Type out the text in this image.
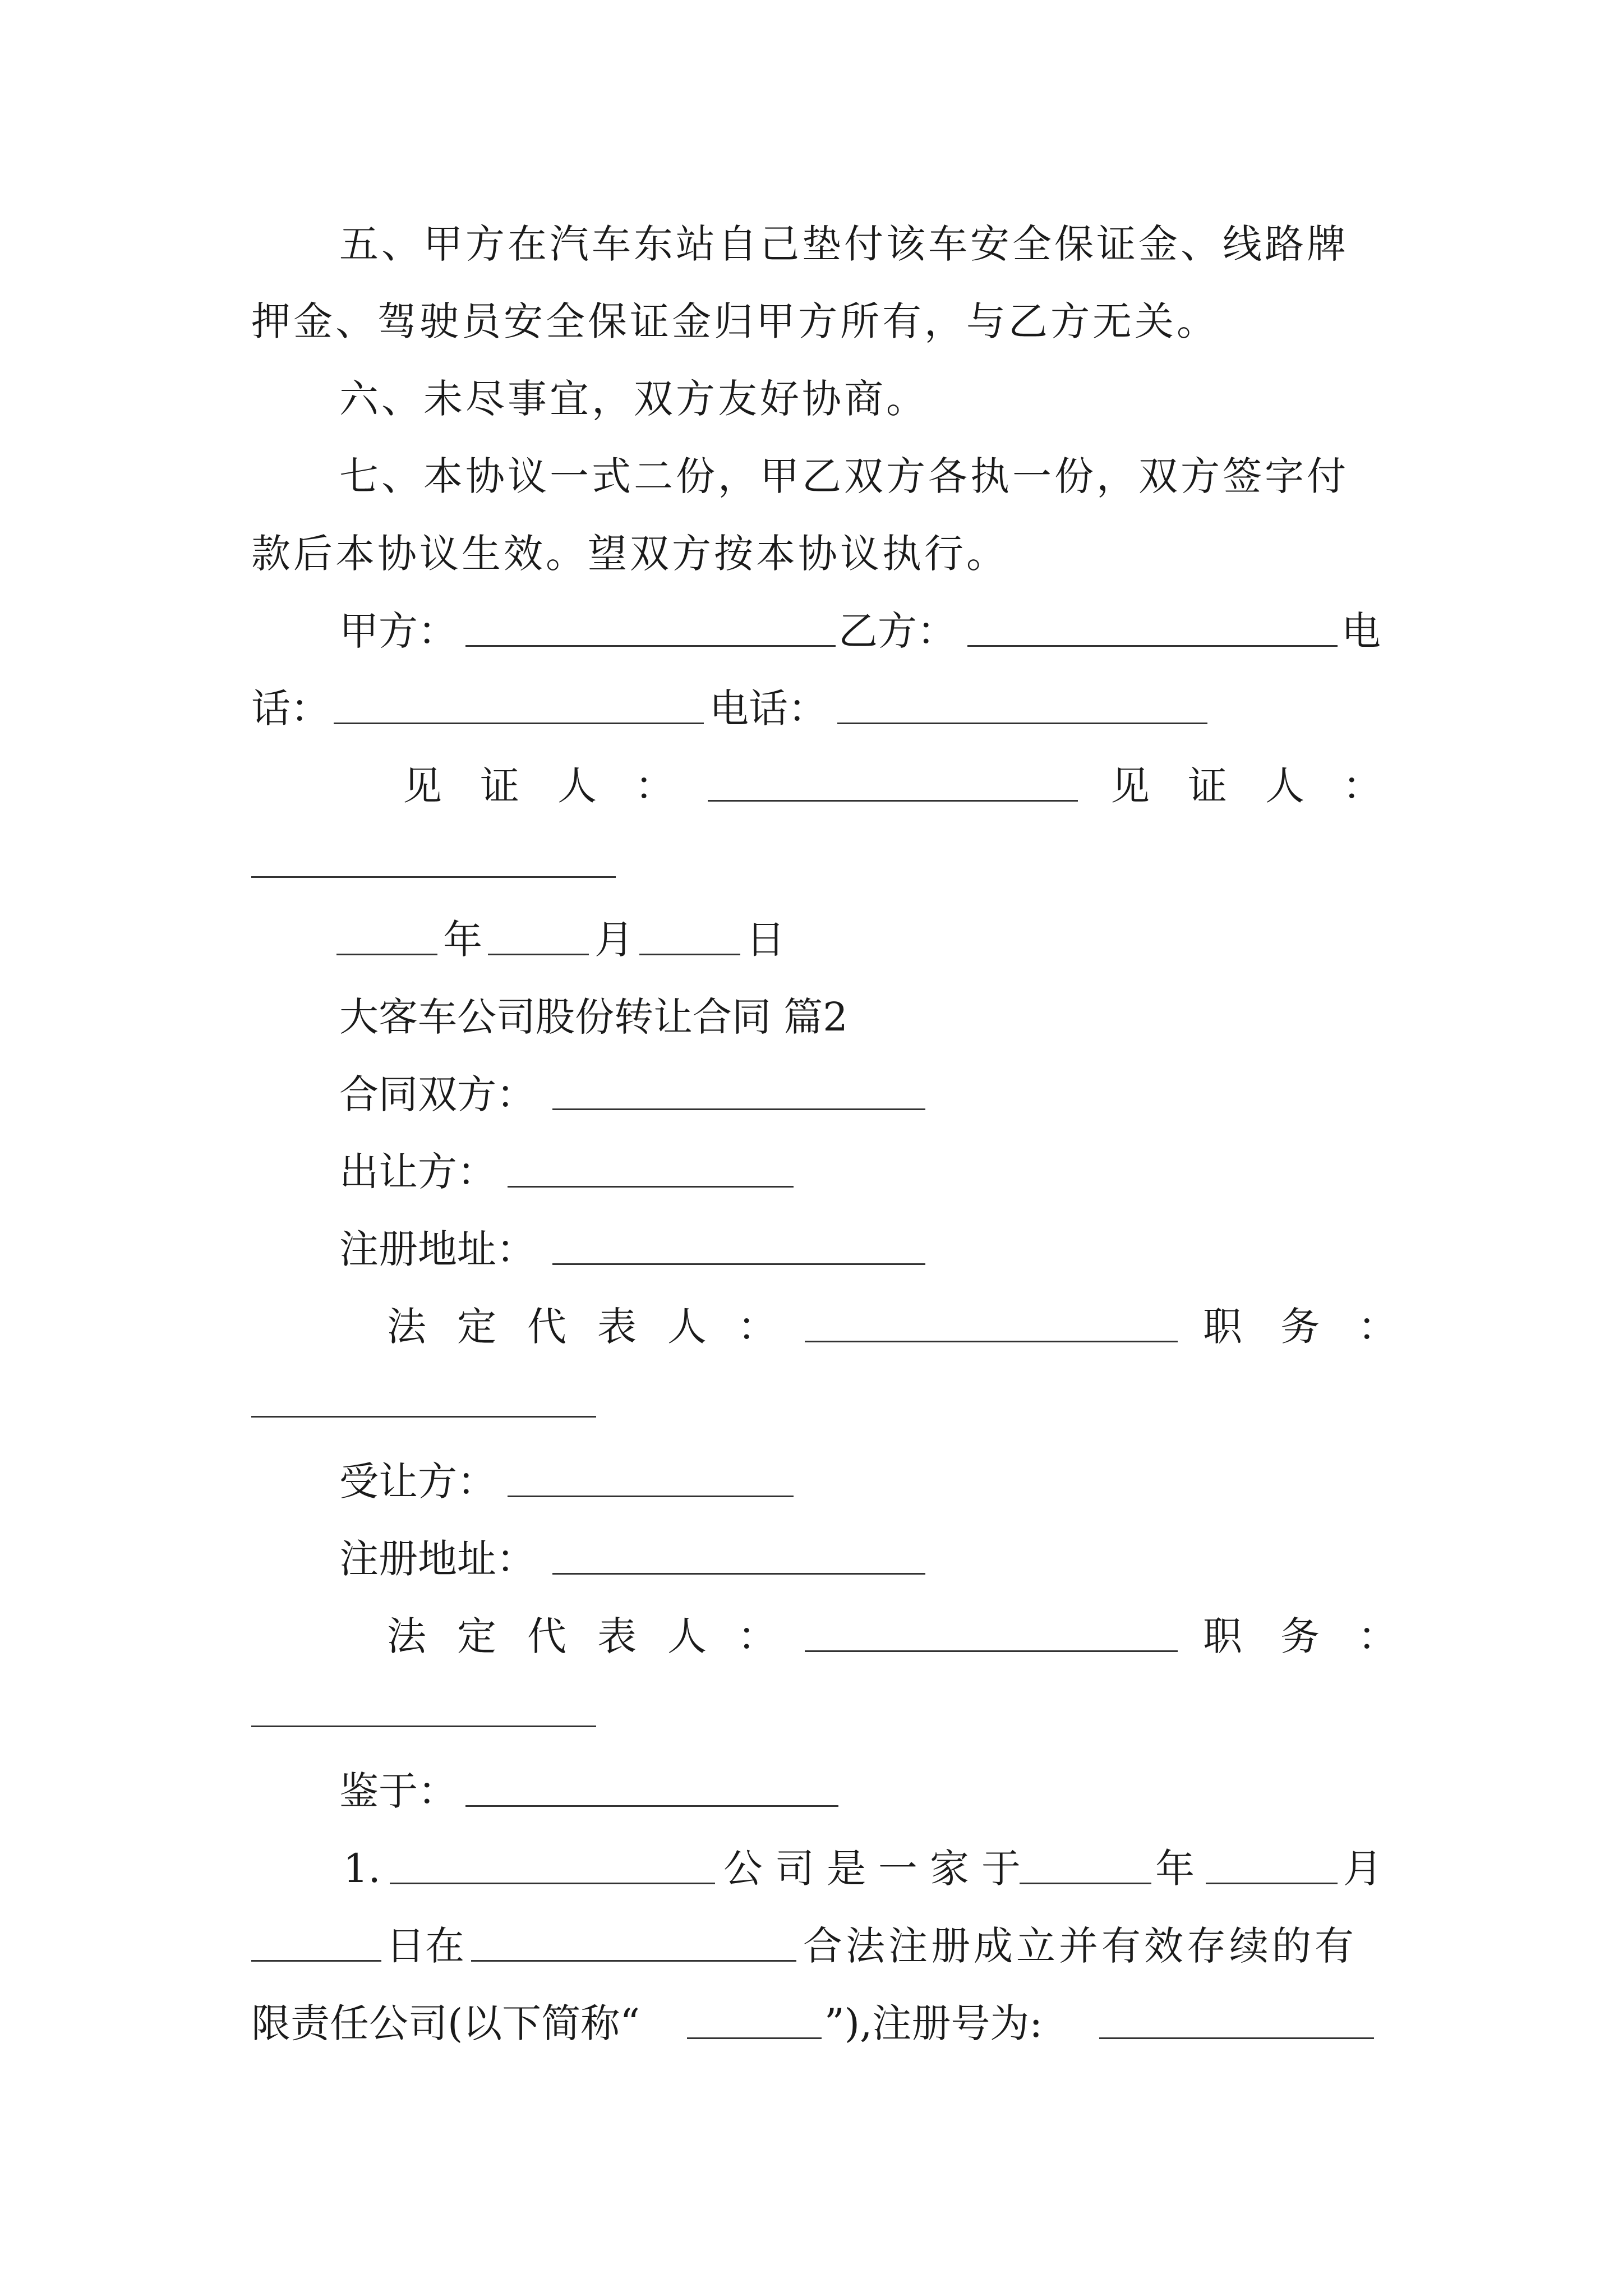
五、甲方在汽车东站自己垫付该车安全保证金、线路牌
押金、驾驶员安全保证金归甲方所有，与乙方无关。
六、未尽事宜，双方友好协商。
七、本协议一式二份，甲乙双方各执一份，双方签字付
款后本协议生效。望双方按本协议执行。
甲方：	乙方：	电
话：	电话：
见证人：	见证人：
年	月	日
大客车公司股份转让合同 篇2
合同双方：
出让方：
注册地址：
法定代表人：	职务：
受让方：
注册地址：
法定代表人：	职务：
鉴于：
1.	公司是一家于	年	月
日在	合法注册成立并有效存续的有
限责任公司(以下简称“	”),注册号为:
